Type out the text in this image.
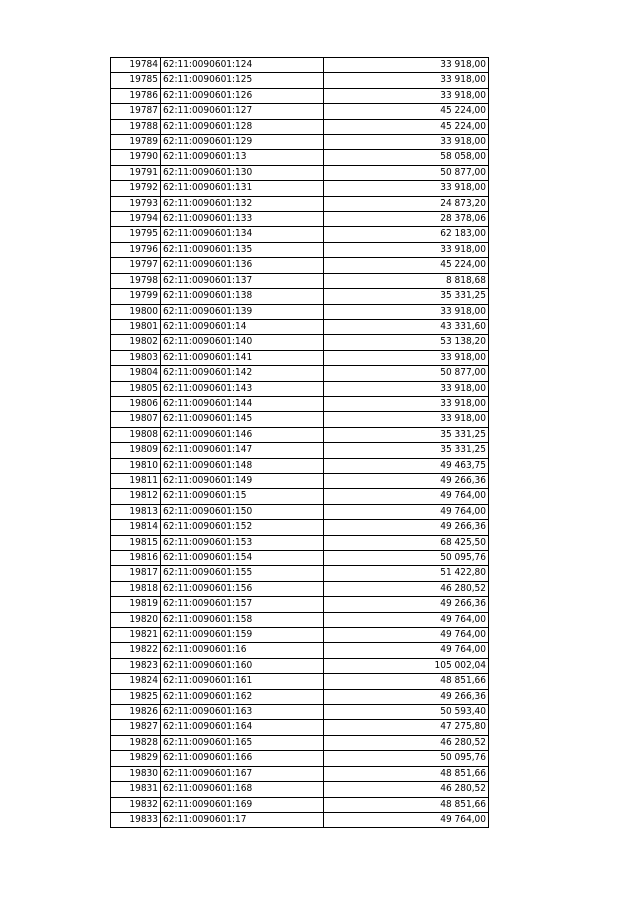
19784	62:11:0090601:124	33 918,00
19785	62:11:0090601:125	33 918,00
19786	62:11:0090601:126	33 918,00
19787	62:11:0090601:127	45 224,00
19788	62:11:0090601:128	45 224,00
19789	62:11:0090601:129	33 918,00
19790	62:11:0090601:13	58 058,00
19791	62:11:0090601:130	50 877,00
19792	62:11:0090601:131	33 918,00
19793	62:11:0090601:132	24 873,20
19794	62:11:0090601:133	28 378,06
19795	62:11:0090601:134	62 183,00
19796	62:11:0090601:135	33 918,00
19797	62:11:0090601:136	45 224,00
19798	62:11:0090601:137	8 818,68
19799	62:11:0090601:138	35 331,25
19800	62:11:0090601:139	33 918,00
19801	62:11:0090601:14	43 331,60
19802	62:11:0090601:140	53 138,20
19803	62:11:0090601:141	33 918,00
19804	62:11:0090601:142	50 877,00
19805	62:11:0090601:143	33 918,00
19806	62:11:0090601:144	33 918,00
19807	62:11:0090601:145	33 918,00
19808	62:11:0090601:146	35 331,25
19809	62:11:0090601:147	35 331,25
19810	62:11:0090601:148	49 463,75
19811	62:11:0090601:149	49 266,36
19812	62:11:0090601:15	49 764,00
19813	62:11:0090601:150	49 764,00
19814	62:11:0090601:152	49 266,36
19815	62:11:0090601:153	68 425,50
19816	62:11:0090601:154	50 095,76
19817	62:11:0090601:155	51 422,80
19818	62:11:0090601:156	46 280,52
19819	62:11:0090601:157	49 266,36
19820	62:11:0090601:158	49 764,00
19821	62:11:0090601:159	49 764,00
19822	62:11:0090601:16	49 764,00
19823	62:11:0090601:160	105 002,04
19824	62:11:0090601:161	48 851,66
19825	62:11:0090601:162	49 266,36
19826	62:11:0090601:163	50 593,40
19827	62:11:0090601:164	47 275,80
19828	62:11:0090601:165	46 280,52
19829	62:11:0090601:166	50 095,76
19830	62:11:0090601:167	48 851,66
19831	62:11:0090601:168	46 280,52
19832	62:11:0090601:169	48 851,66
19833	62:11:0090601:17	49 764,00
